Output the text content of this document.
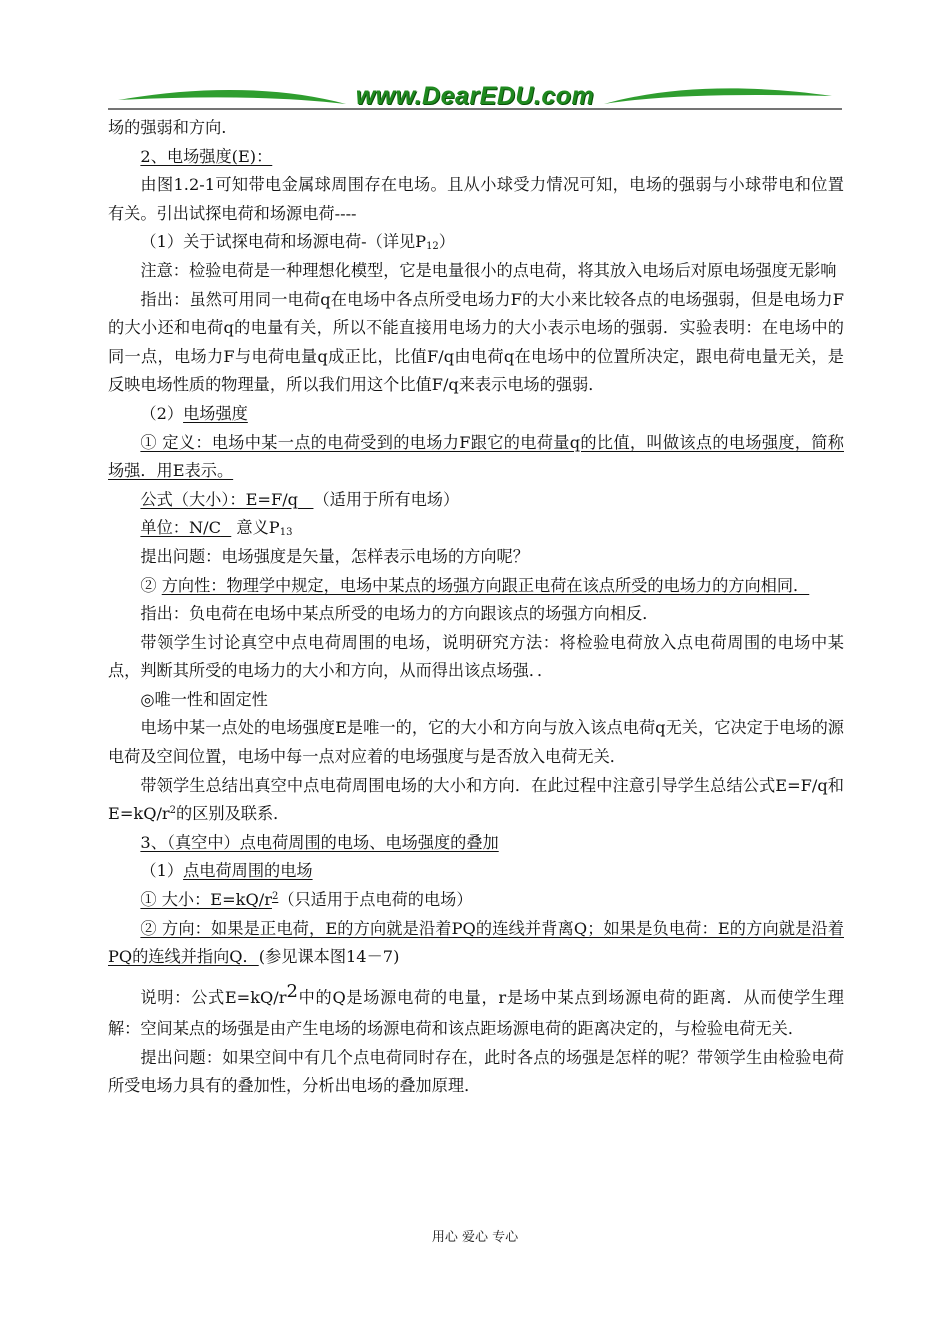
www.DearEDU.com

场的强弱和方向.

2、电场强度(E)：

由图1.2-1可知带电金属球周围存在电场。且从小球受力情况可知，电场的强弱与小球带电和位置有关。引出试探电荷和场源电荷----

（1）关于试探电荷和场源电荷-（详见$P_{12}$）

注意：检验电荷是一种理想化模型，它是电量很小的点电荷，将其放入电场后对原电场强度无影响

指出：虽然可用同一电荷q在电场中各点所受电场力F的大小来比较各点的电场强弱，但是电场力F的大小还和电荷q的电量有关，所以不能直接用电场力的大小表示电场的强弱．实验表明：在电场中的同一点，电场力F与电荷电量q成正比，比值F/q由电荷q在电场中的位置所决定，跟电荷电量无关，是反映电场性质的物理量，所以我们用这个比值F/q来表示电场的强弱．

（2）电场强度

① 定义：电场中某一点的电荷受到的电场力F跟它的电荷量q的比值，叫做该点的电场强度，简称场强．用E表示。

公式（大小）：E=F/q （适用于所有电场）

单位：N/C 意义$P_{13}$

提出问题：电场强度是矢量，怎样表示电场的方向呢？

② 方向性：物理学中规定，电场中某点的场强方向跟正电荷在该点所受的电场力的方向相同．

指出：负电荷在电场中某点所受的电场力的方向跟该点的场强方向相反．

带领学生讨论真空中点电荷周围的电场，说明研究方法：将检验电荷放入点电荷周围的电场中某点，判断其所受的电场力的大小和方向，从而得出该点场强．．

◎唯一性和固定性

电场中某一点处的电场强度E是唯一的，它的大小和方向与放入该点电荷q无关，它决定于电场的源电荷及空间位置，电场中每一点对应着的电场强度与是否放入电荷无关．

带领学生总结出真空中点电荷周围电场的大小和方向．在此过程中注意引导学生总结公式E=F/q和$E=kQ/r^2$的区别及联系．

3、（真空中）点电荷周围的电场、电场强度的叠加

（1）点电荷周围的电场

① 大小：$E=kQ/r^2$（只适用于点电荷的电场）

② 方向：如果是正电荷，E的方向就是沿着PQ的连线并背离Q；如果是负电荷：E的方向就是沿着PQ的连线并指向Q．(参见课本图14－7)

说明：公式E=kQ/r2中的Q是场源电荷的电量，r是场中某点到场源电荷的距离．从而使学生理解：空间某点的场强是由产生电场的场源电荷和该点距场源电荷的距离决定的，与检验电荷无关．

提出问题：如果空间中有几个点电荷同时存在，此时各点的场强是怎样的呢？带领学生由检验电荷所受电场力具有的叠加性，分析出电场的叠加原理．

用心 爱心 专心
